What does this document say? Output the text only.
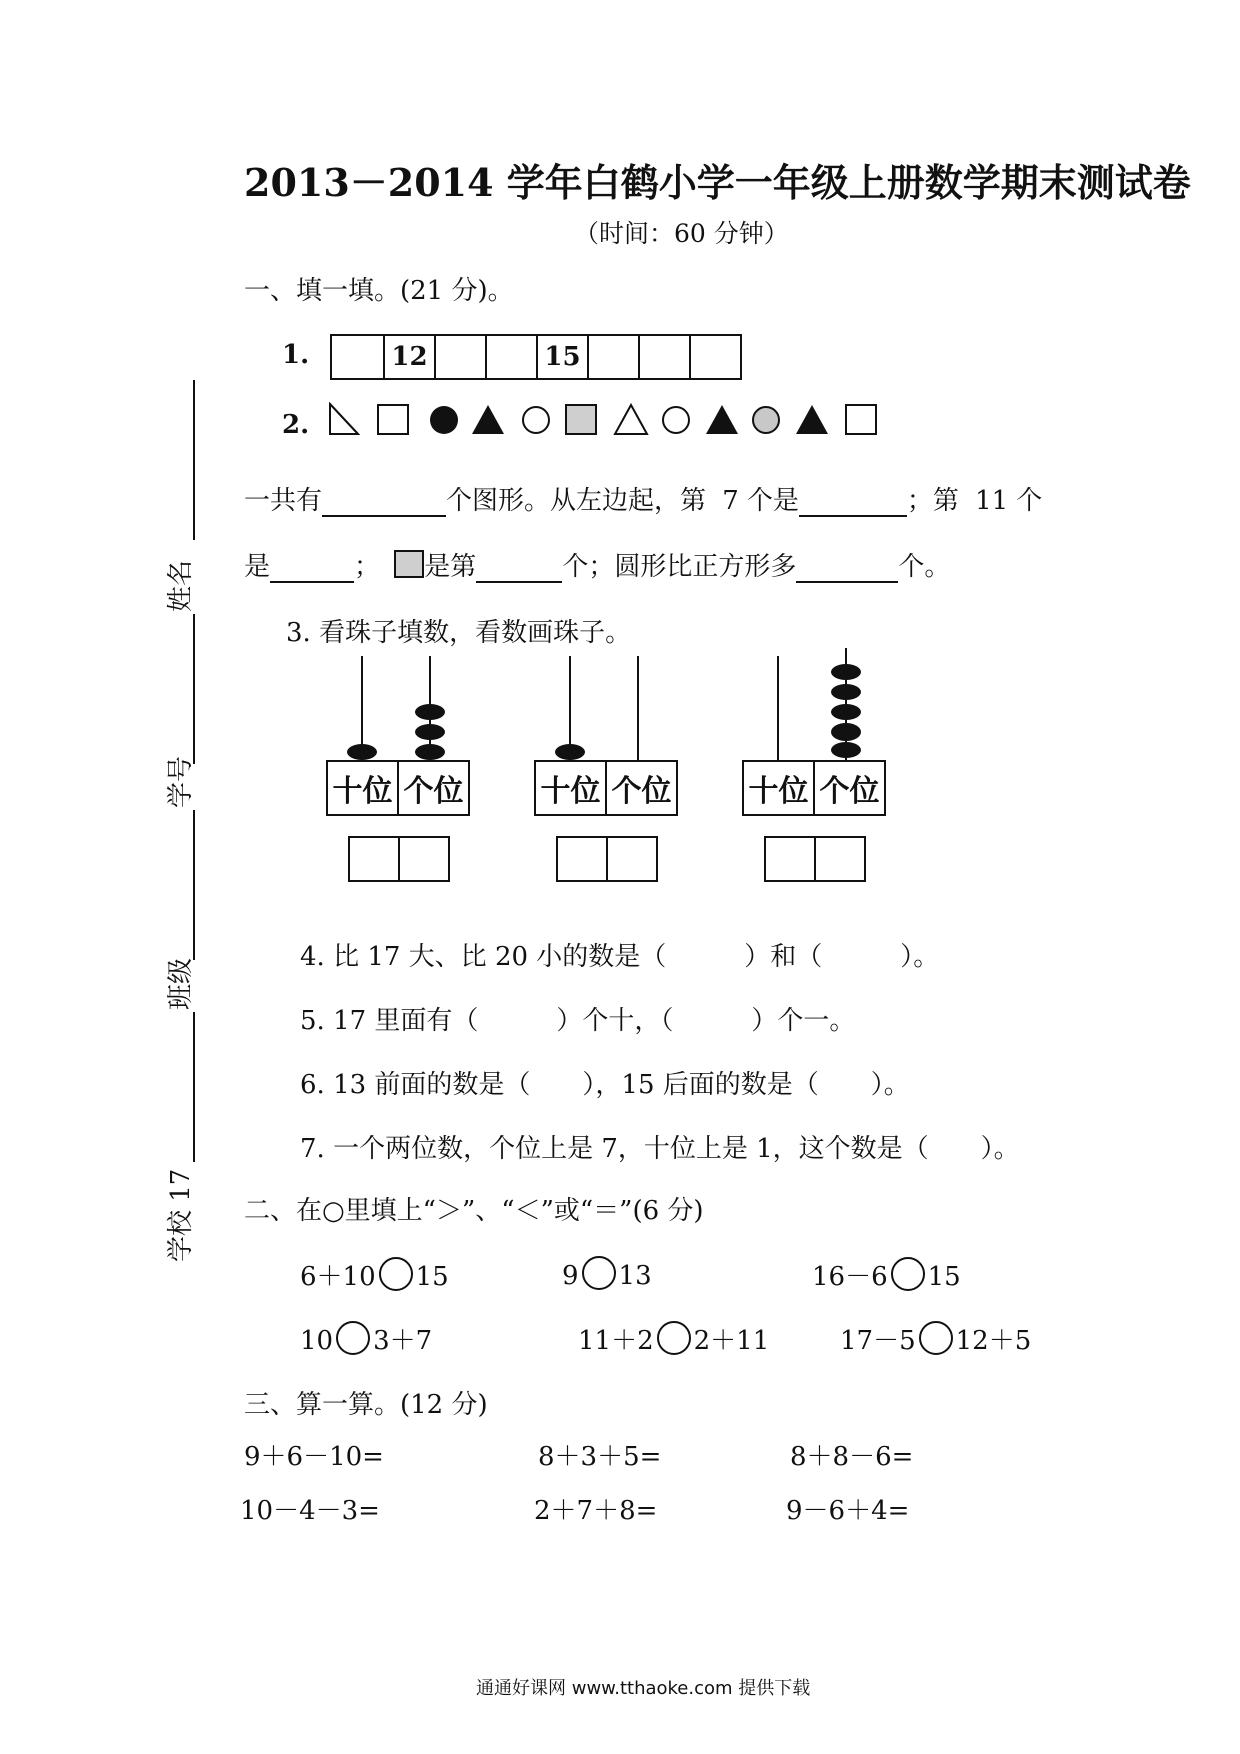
2013－2014 学年白鹤小学一年级上册数学期末测试卷
（时间：60 分钟）
姓名
学号
班级
学校 17
一、填一填。(21 分)。
1.	12	15
2.
一共有	个图形。从左边起，第 7 个是	；第 11 个
是	； 是第	个；圆形比正方形多	个。
3. 看珠子填数，看数画珠子。
十位 个位	十位 个位	十位 个位
4. 比 17 大、比 20 小的数是（　　　）和（　　　）。
5. 17 里面有（　　　）个十，（　　　）个一。
6. 13 前面的数是（　　），15 后面的数是（　　）。
7. 一个两位数，个位上是 7，十位上是 1，这个数是（　　）。
二、在○里填上“＞”、“＜”或“＝”(6 分)
6＋10 15	9 13	16－6 15
10 3＋7	11＋2 2＋11	17－5 12＋5
三、算一算。(12 分)
9＋6－10=	8＋3＋5=	8＋8－6=
10－4－3=	2＋7＋8=	9－6＋4=
通通好课网 www.tthaoke.com 提供下载
